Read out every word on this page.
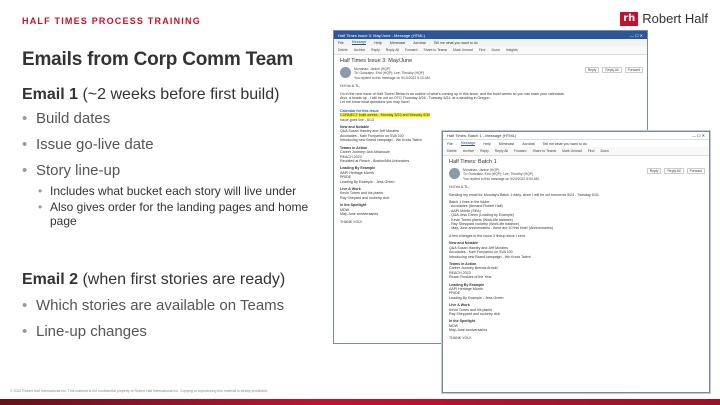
HALF TIMES PROCESS TRAINING	rh Robert Half
Emails from Corp Comm Team
Email 1 (~2 weeks before first build)
• Build dates
• Issue go-live date
• Story line-up
• Includes what bucket each story will live under
• Also gives order for the landing pages and home page
Email 2 (when first stories are ready)
• Which stories are available on Teams
• Line-up changes
Half Times Issue 3: May/June - Message (HTML)	— ☐ ✕
File Message Help Mimecast Acrobat Tell me what you want to do
Delete Archive Reply Reply All Forward Share to Teams Mark Unread Find Zoom Insights
Half Times Issue 3: May/June
Monahan, Janice (HQP)
To: Gonzalez, Erin (HQP); Lee, Timothy (HQP)
You replied to this message on 5/13/2022 9:10 AM.
Reply	Reply All	Forward
Hi Erin & TL,
I'm in the next issue of Half Times! Below is an outline of what's coming up in this issue, and the build weeks so you can mark your calendars.
Also, a heads up - I will be out on OTO Thursday 5/26 - Tuesday 5/31, at a wedding in Oregon.
Let me know what questions you may have!
Calendar for this issue
CONNECT build weeks - Monday 5/23 and Monday 5/30
Issue goes live - 6/13
New and Notable
Q&A Susan Hawley and Jeff Morales
Accolades - Kahi Funyarino on SVA 100
Introducing new Brand campaign - We Know Talent
Teams in Action
Career Journey: Ash Athanoule
REACH 2023
Reunited at Reach - Boston/Mid Unionsters
Leading By Example
AAPI Heritage Month
PRIDE
Leading By Example - Jess Green
Live & Work
Kevin Torres and his plants
Ray Shepard and rocketry club
In the Spotlight
MDW
May-June anniversaries
THANK YOU!
Half Times: Batch 1 - Message (HTML)	— ☐ ✕
File Message Help Mimecast Acrobat Tell me what you want to do
Delete Archive Reply Reply All Forward Share to Teams Mark Unread Find Zoom
Half Times: Batch 1
Monahan, Janice (HQP)
To: Gonzalez, Erin (HQP); Lee, Timothy (HQP)
You replied to this message on 5/24/2022 8:54 AM.
Reply	Reply All	Forward
Hi Erin & TL,
Sending my email for Monday's Batch 1 early, since I will be out tomorrow 5/24 - Tuesday 5/31
Batch 1 lines in the folder:
- Accolades (Armand Robert Half)
- AAPI Month (SEA)
- Q&A Jess Green (Leading by Example)
- Kevin Torres plants (Work-life balance)
- Ray Sheppard rocketry (Work-life balance)
- May, June anniversaries - there are 10 this time! (Anniversaries)
A few changes to the Issue 3 lineup since I sent:
New and Notable
Q&A Susan Hawley and Jeff Morales
Accolades - Kahi Funyarino on SVA 100
Introducing new Brand campaign - We Know Talent
Teams in Action
Career Journey Brenda Arnold
REACH 2023
Reach Rookies of the Year
Leading By Example
AAPI Heritage Month
PRIDE
Leading By Example - Jess Green
Live & Work
Kevin Torres and his plants
Ray Sheppard and rocketry club
In the Spotlight
MDW
May-June anniversaries
THANK YOU!
© 2022 Robert Half International Inc. This material is the confidential property of Robert Half International Inc. Copying or reproducing this material is strictly prohibited.
